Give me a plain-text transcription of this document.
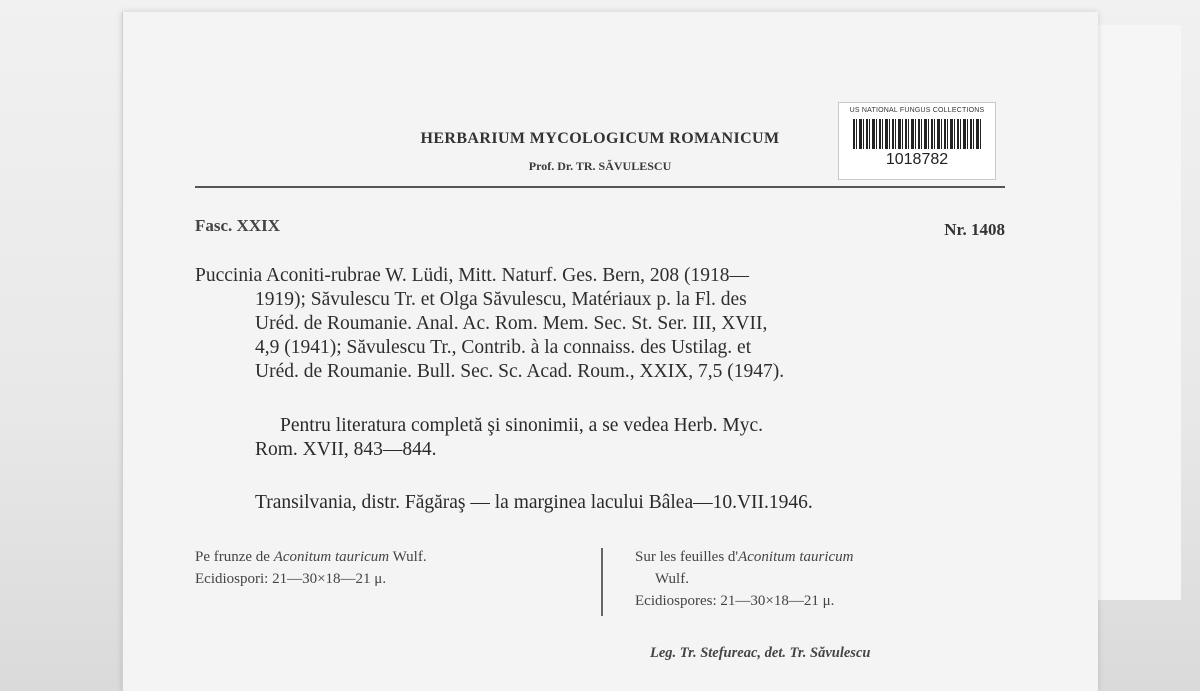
US NATIONAL FUNGUS COLLECTIONS
1018782
HERBARIUM MYCOLOGICUM ROMANICUM
Prof. Dr. TR. SĂVULESCU
Fasc. XXIX	Nr. 1408
Puccinia Aconiti-rubrae W. Lüdi, Mitt. Naturf. Ges. Bern, 208 (1918—
1919); Săvulescu Tr. et Olga Săvulescu, Matériaux p. la Fl. des
Uréd. de Roumanie. Anal. Ac. Rom. Mem. Sec. St. Ser. III, XVII,
4,9 (1941); Săvulescu Tr., Contrib. à la connaiss. des Ustilag. et
Uréd. de Roumanie. Bull. Sec. Sc. Acad. Roum., XXIX, 7,5 (1947).
Pentru literatura completă şi sinonimii, a se vedea Herb. Myc.
Rom. XVII, 843—844.
Transilvania, distr. Făgăraş — la marginea lacului Bâlea—10.VII.1946.
Pe frunze de Aconitum tauricum Wulf.
Ecidiospori: 21—30×18—21 μ.
Sur les feuilles d'Aconitum tauricum
Wulf.
Ecidiospores: 21—30×18—21 μ.
Leg. Tr. Stefureac, det. Tr. Săvulescu
